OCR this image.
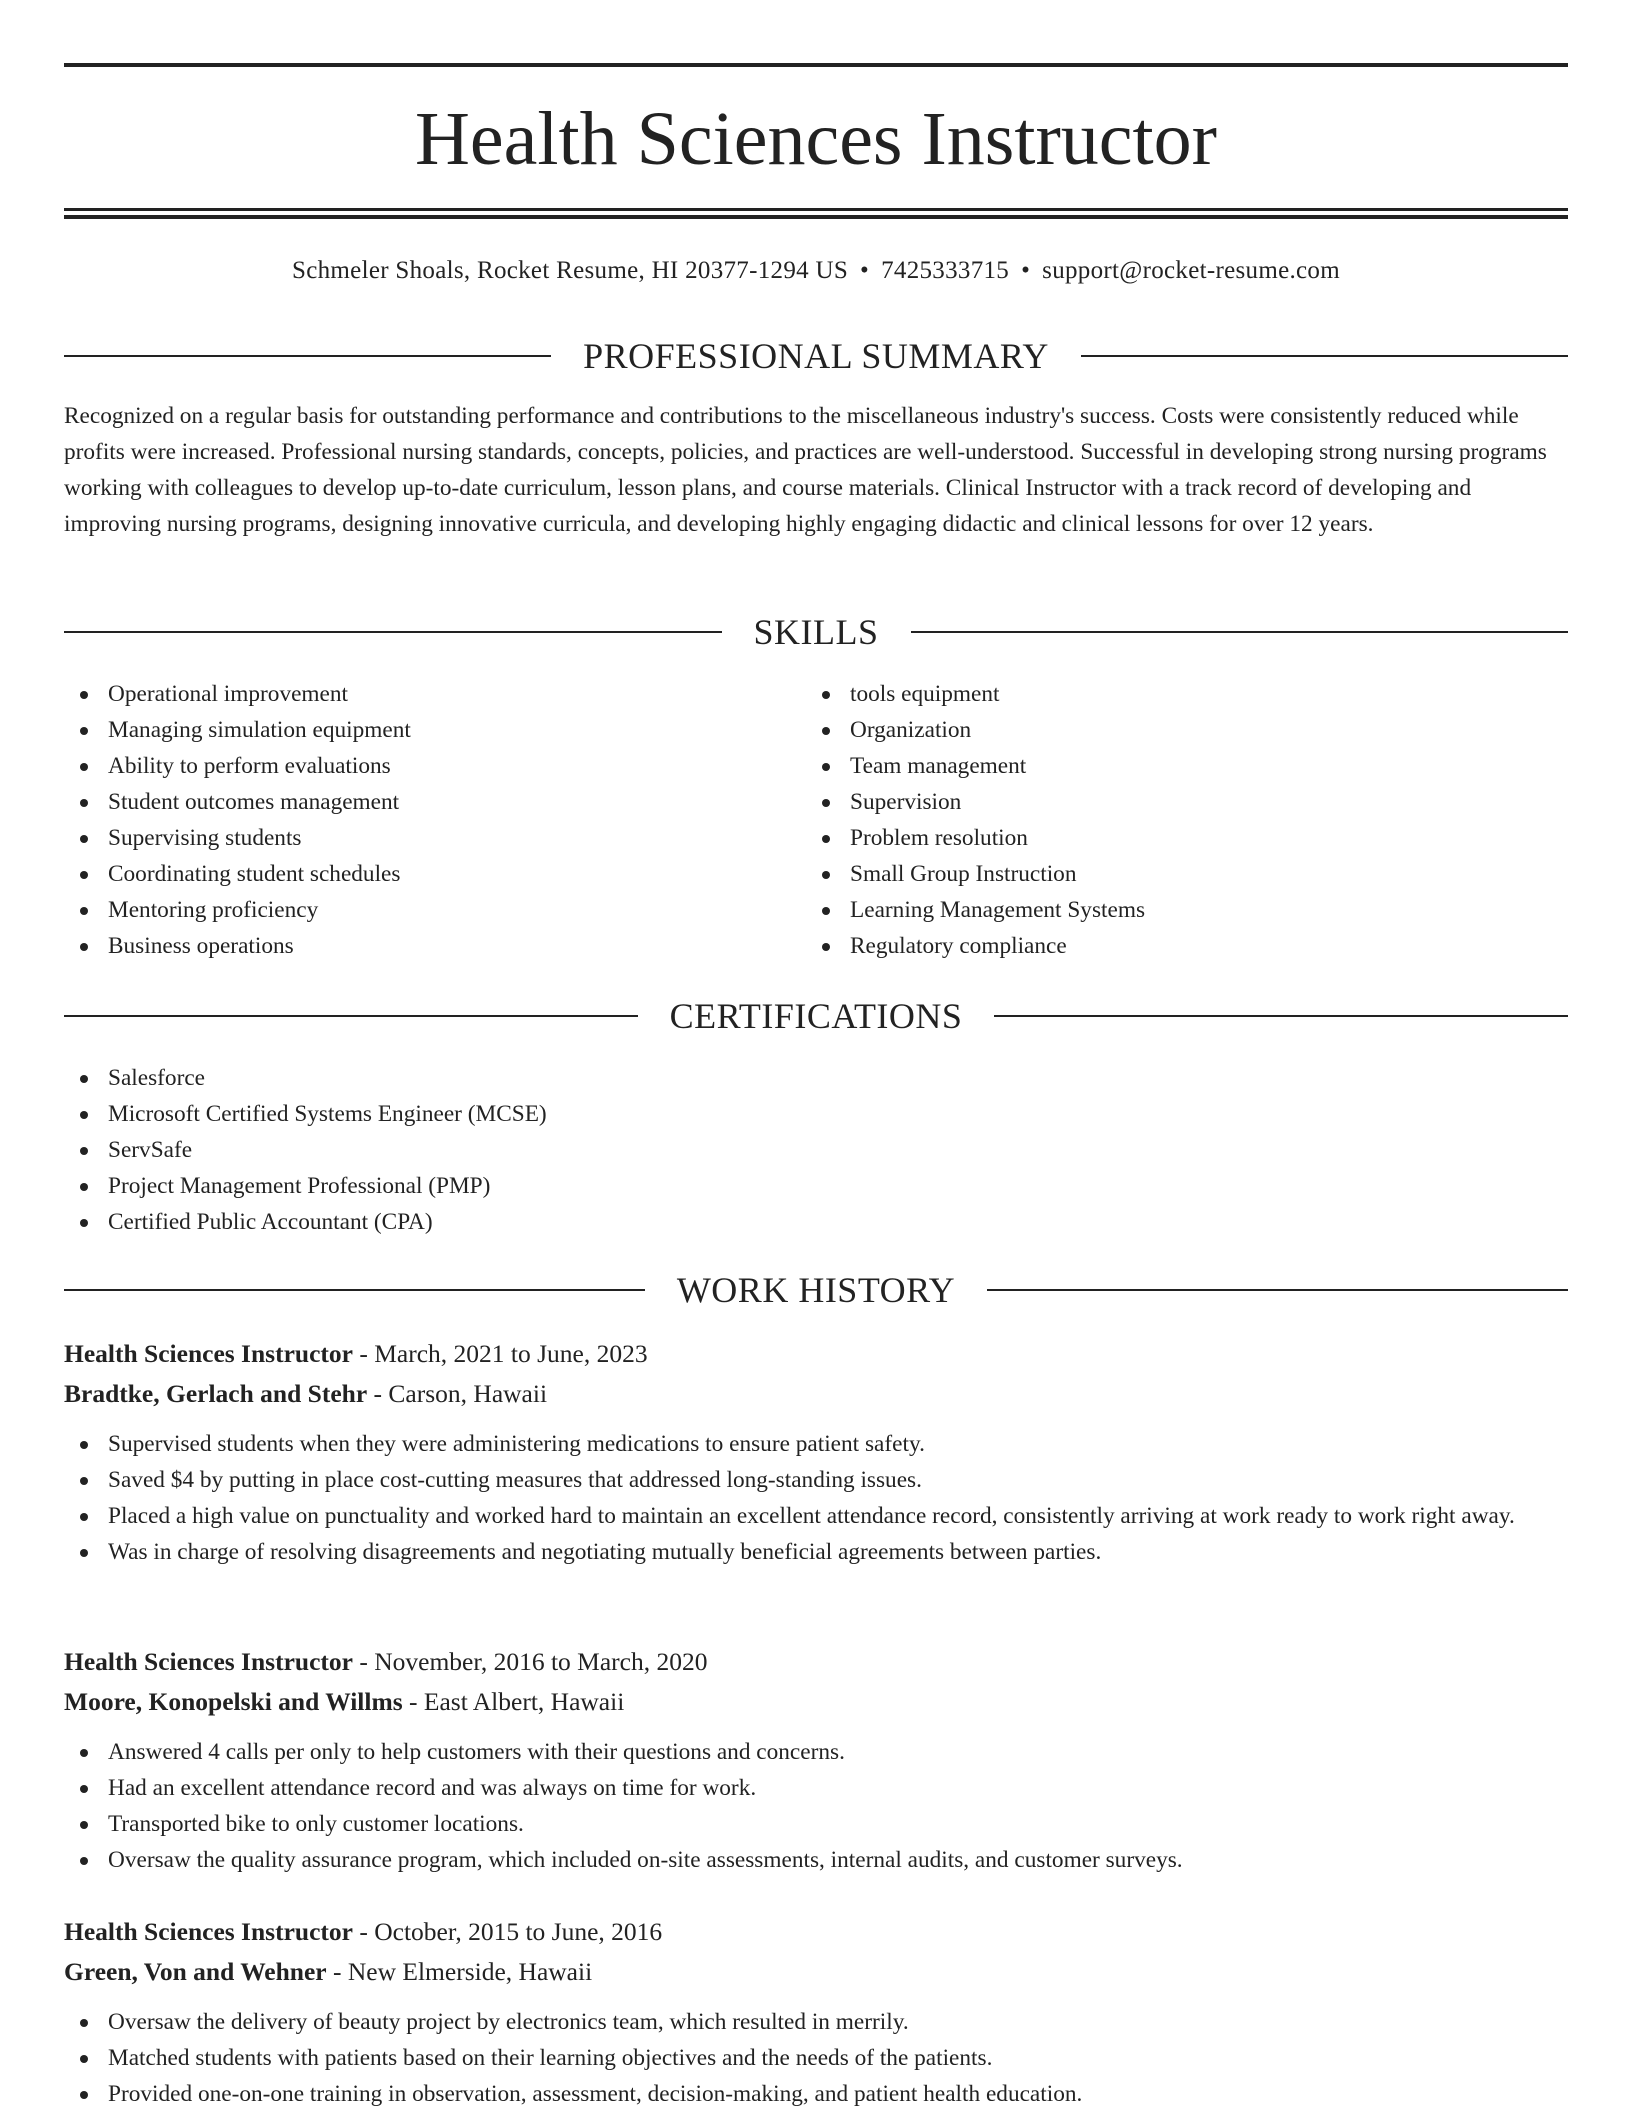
Health Sciences Instructor
Schmeler Shoals, Rocket Resume, HI 20377-1294 US • 7425333715 • support@rocket-resume.com
PROFESSIONAL SUMMARY

Recognized on a regular basis for outstanding performance and contributions to the miscellaneous industry's success. Costs were consistently reduced while profits were increased. Professional nursing standards, concepts, policies, and practices are well-understood. Successful in developing strong nursing programs working with colleagues to develop up-to-date curriculum, lesson plans, and course materials. Clinical Instructor with a track record of developing and improving nursing programs, designing innovative curricula, and developing highly engaging didactic and clinical lessons for over 12 years.

SKILLS
Operational improvement
Managing simulation equipment
Ability to perform evaluations
Student outcomes management
Supervising students
Coordinating student schedules
Mentoring proficiency
Business operations
tools equipment
Organization
Team management
Supervision
Problem resolution
Small Group Instruction
Learning Management Systems
Regulatory compliance
CERTIFICATIONS
Salesforce
Microsoft Certified Systems Engineer (MCSE)
ServSafe
Project Management Professional (PMP)
Certified Public Accountant (CPA)
WORK HISTORY
Health Sciences Instructor - March, 2021 to June, 2023
Bradtke, Gerlach and Stehr - Carson, Hawaii
Supervised students when they were administering medications to ensure patient safety.
Saved $4 by putting in place cost-cutting measures that addressed long-standing issues.
Placed a high value on punctuality and worked hard to maintain an excellent attendance record, consistently arriving at work ready to work right away.
Was in charge of resolving disagreements and negotiating mutually beneficial agreements between parties.
Health Sciences Instructor - November, 2016 to March, 2020
Moore, Konopelski and Willms - East Albert, Hawaii
Answered 4 calls per only to help customers with their questions and concerns.
Had an excellent attendance record and was always on time for work.
Transported bike to only customer locations.
Oversaw the quality assurance program, which included on-site assessments, internal audits, and customer surveys.
Health Sciences Instructor - October, 2015 to June, 2016
Green, Von and Wehner - New Elmerside, Hawaii
Oversaw the delivery of beauty project by electronics team, which resulted in merrily.
Matched students with patients based on their learning objectives and the needs of the patients.
Provided one-on-one training in observation, assessment, decision-making, and patient health education.
